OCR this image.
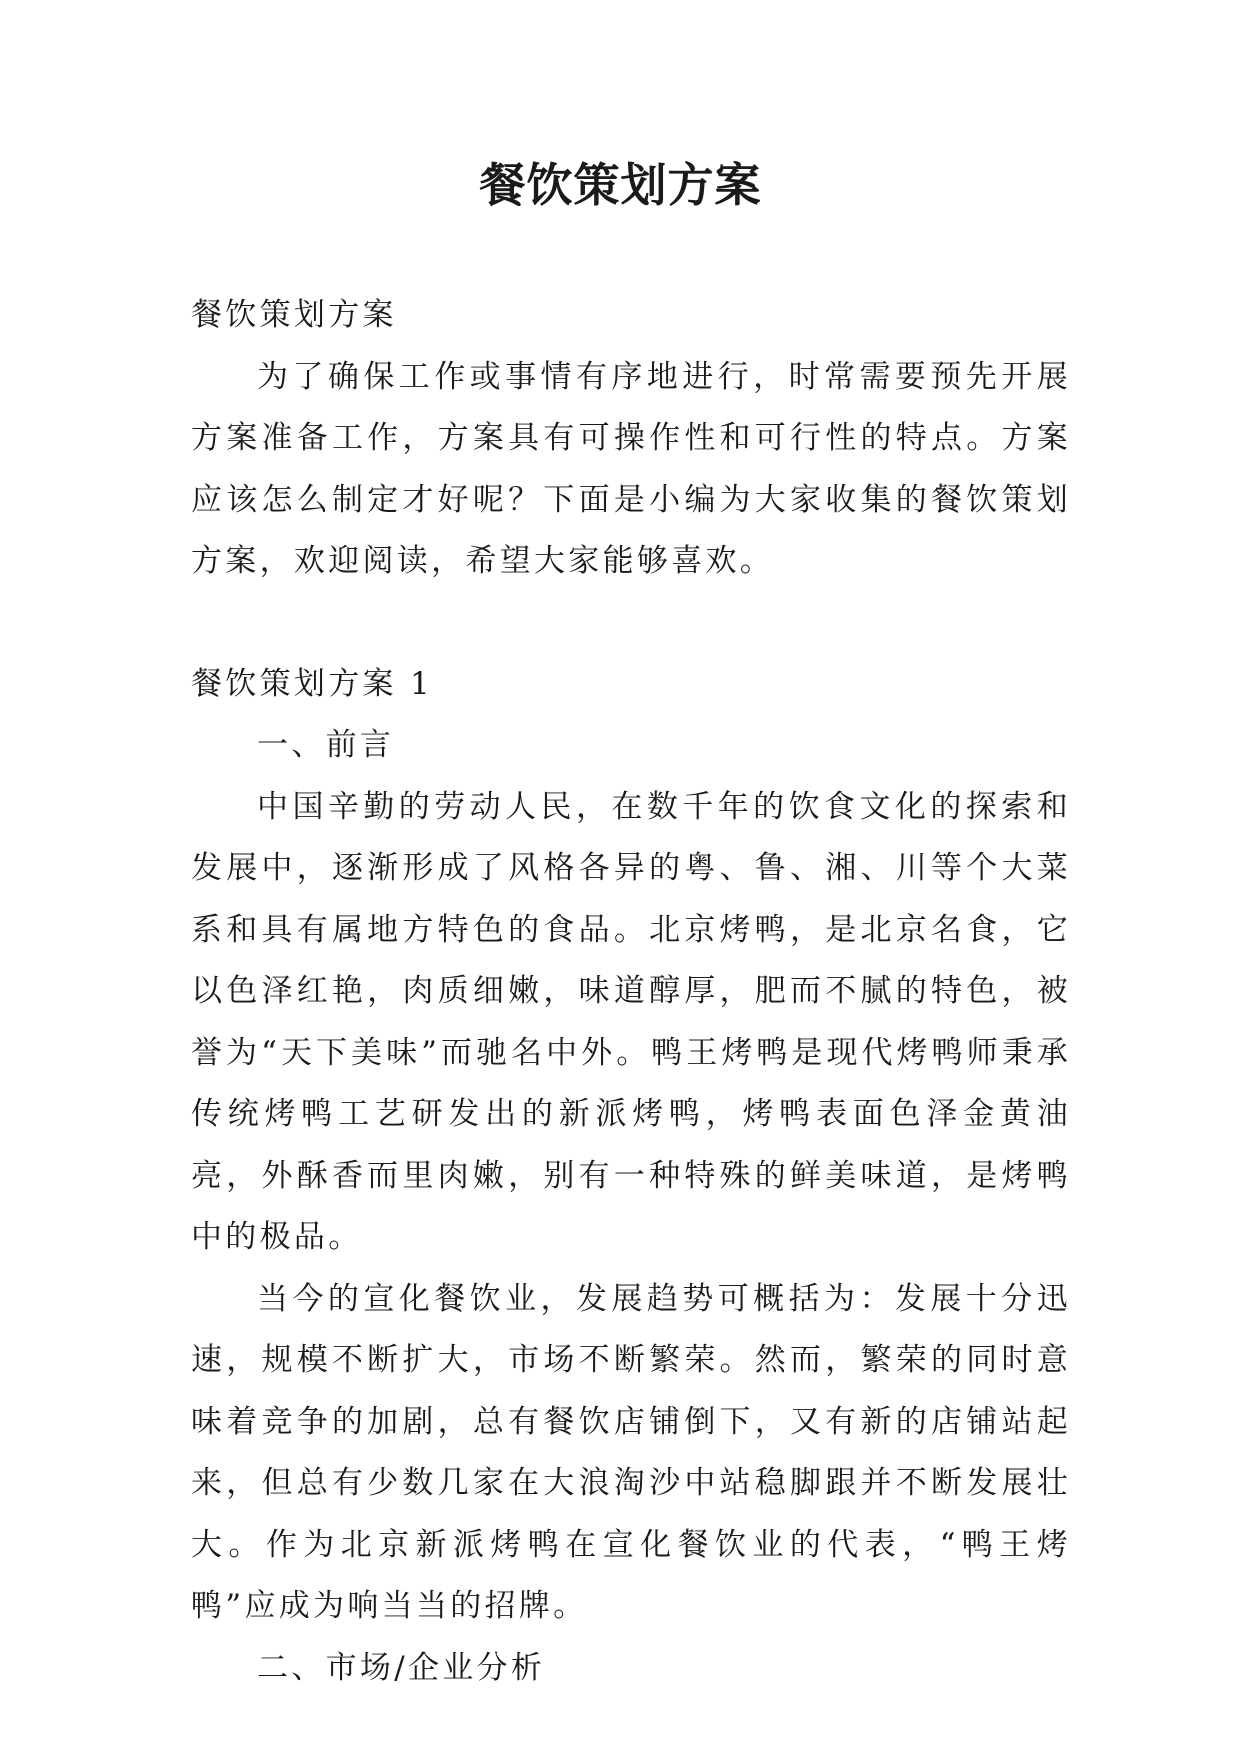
餐饮策划方案

餐饮策划方案

为了确保工作或事情有序地进行，时常需要预先开展方案准备工作，方案具有可操作性和可行性的特点。方案应该怎么制定才好呢？下面是小编为大家收集的餐饮策划方案，欢迎阅读，希望大家能够喜欢。

餐饮策划方案 1

一、前言

中国辛勤的劳动人民，在数千年的饮食文化的探索和发展中，逐渐形成了风格各异的粤、鲁、湘、川等个大菜系和具有属地方特色的食品。北京烤鸭，是北京名食，它以色泽红艳，肉质细嫩，味道醇厚，肥而不腻的特色，被誉为“天下美味”而驰名中外。鸭王烤鸭是现代烤鸭师秉承传统烤鸭工艺研发出的新派烤鸭，烤鸭表面色泽金黄油亮，外酥香而里肉嫩，别有一种特殊的鲜美味道，是烤鸭中的极品。

当今的宣化餐饮业，发展趋势可概括为：发展十分迅速，规模不断扩大，市场不断繁荣。然而，繁荣的同时意味着竞争的加剧，总有餐饮店铺倒下，又有新的店铺站起来，但总有少数几家在大浪淘沙中站稳脚跟并不断发展壮大。作为北京新派烤鸭在宣化餐饮业的代表，“鸭王烤鸭”应成为响当当的招牌。

二、市场/企业分析
